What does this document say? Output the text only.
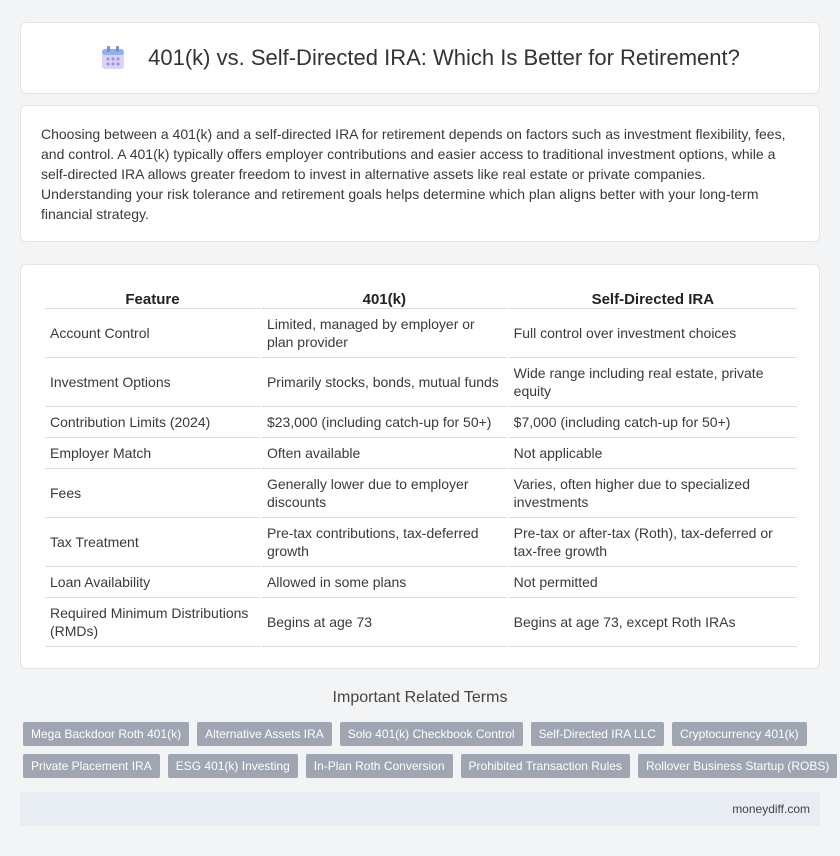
401(k) vs. Self-Directed IRA: Which Is Better for Retirement?

Choosing between a 401(k) and a self-directed IRA for retirement depends on factors such as investment flexibility, fees, and control. A 401(k) typically offers employer contributions and easier access to traditional investment options, while a self-directed IRA allows greater freedom to invest in alternative assets like real estate or private companies. Understanding your risk tolerance and retirement goals helps determine which plan aligns better with your long-term financial strategy.

Feature	401(k)	Self-Directed IRA
Account Control	Limited, managed by employer or plan provider	Full control over investment choices
Investment Options	Primarily stocks, bonds, mutual funds	Wide range including real estate, private equity
Contribution Limits (2024)	$23,000 (including catch-up for 50+)	$7,000 (including catch-up for 50+)
Employer Match	Often available	Not applicable
Fees	Generally lower due to employer discounts	Varies, often higher due to specialized investments
Tax Treatment	Pre-tax contributions, tax-deferred growth	Pre-tax or after-tax (Roth), tax-deferred or tax-free growth
Loan Availability	Allowed in some plans	Not permitted
Required Minimum Distributions (RMDs)	Begins at age 73	Begins at age 73, except Roth IRAs
Important Related Terms
Mega Backdoor Roth 401(k)	Alternative Assets IRA	Solo 401(k) Checkbook Control	Self-Directed IRA LLC	Cryptocurrency 401(k)
Private Placement IRA	ESG 401(k) Investing	In-Plan Roth Conversion	Prohibited Transaction Rules	Rollover Business Startup (ROBS)
moneydiff.com
